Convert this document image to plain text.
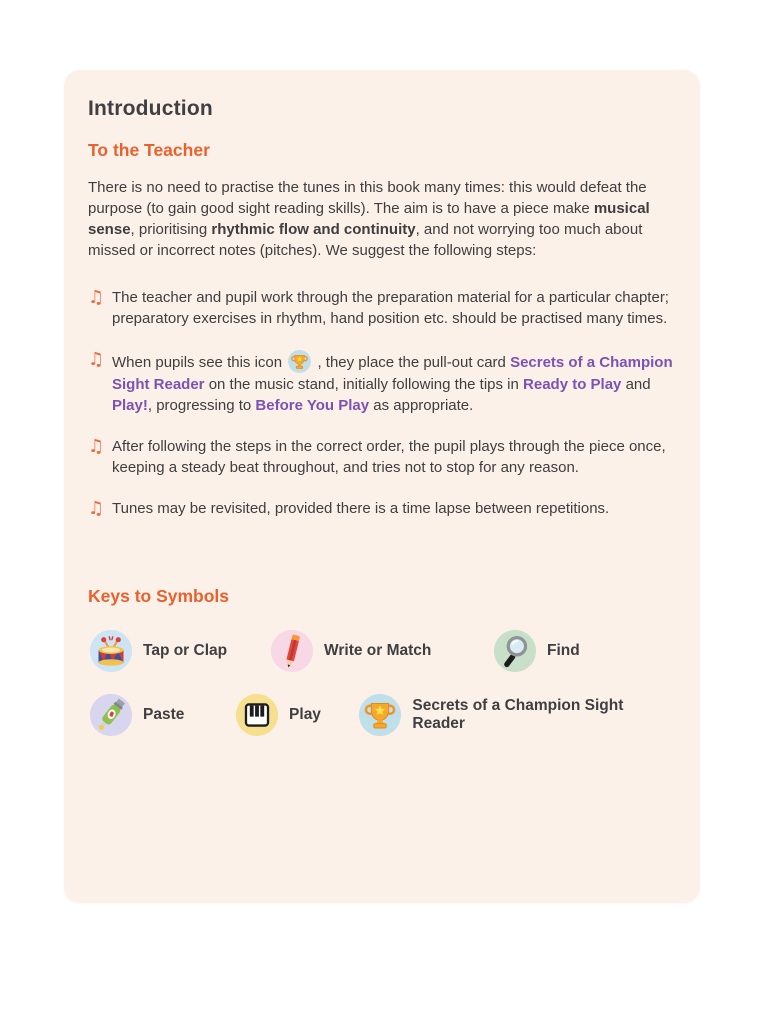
Introduction
To the Teacher

There is no need to practise the tunes in this book many times: this would defeat the purpose (to gain good sight reading skills). The aim is to have a piece make musical sense, prioritising rhythmic flow and continuity, and not worrying too much about missed or incorrect notes (pitches). We suggest the following steps:

♫ The teacher and pupil work through the preparation material for a particular chapter; preparatory exercises in rhythm, hand position etc. should be practised many times.
♫ When pupils see this icon
, they place the pull-out card Secrets of a Champion Sight Reader on the music stand, initially following the tips in Ready to Play and Play!, progressing to Before You Play as appropriate.
♫ After following the steps in the correct order, the pupil plays through the piece once, keeping a steady beat throughout, and tries not to stop for any reason.
♫ Tunes may be revisited, provided there is a time lapse between repetitions.
Keys to Symbols
Tap or Clap	Write or Match	Find
Paste	Play
Secrets of a Champion Sight Reader
